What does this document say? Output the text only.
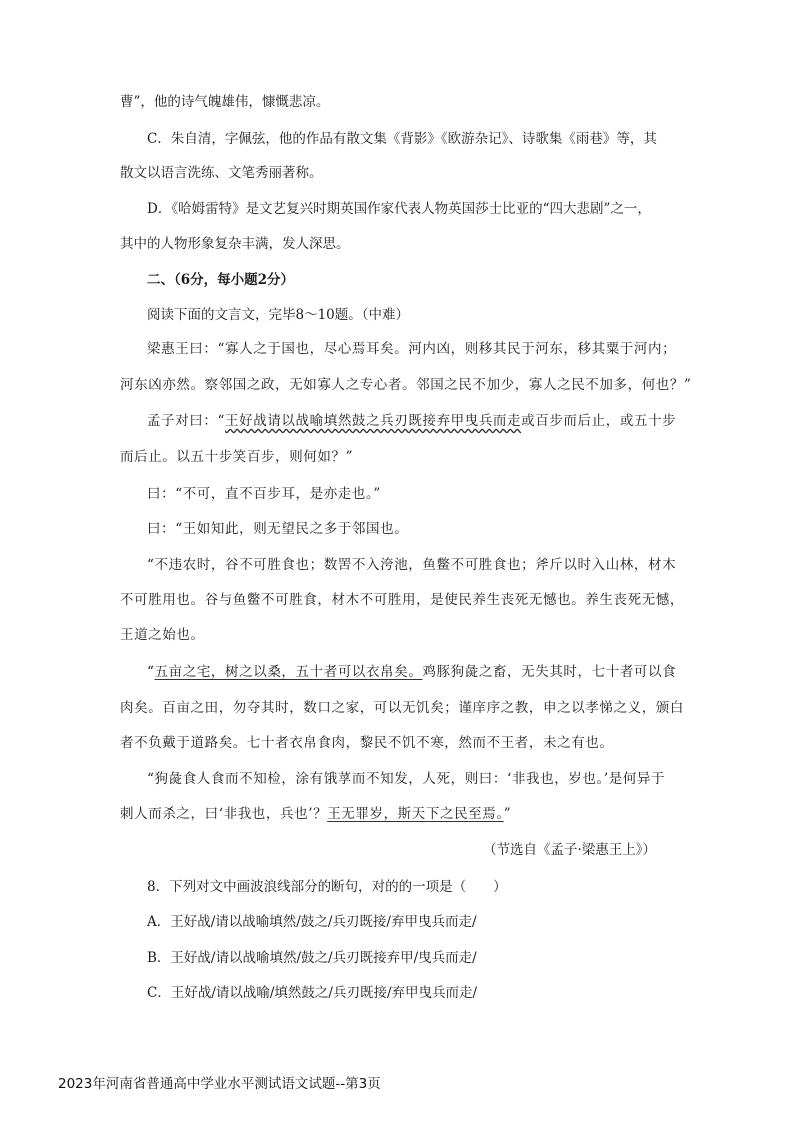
曹”，他的诗气魄雄伟，慷慨悲凉。
C．朱自清，字佩弦，他的作品有散文集《背影》《欧游杂记》、诗歌集《雨巷》等，其
散文以语言洗练、文笔秀丽著称。
D．《哈姆雷特》是文艺复兴时期英国作家代表人物英国莎士比亚的“四大悲剧”之一，
其中的人物形象复杂丰满，发人深思。
二、（6分，每小题2分）
阅读下面的文言文，完毕8～10题。（中难）
梁惠王曰：“寡人之于国也，尽心焉耳矣。河内凶，则移其民于河东，移其粟于河内；
河东凶亦然。察邻国之政，无如寡人之专心者。邻国之民不加少，寡人之民不加多，何也？”
孟子对曰：“王好战请以战喻填然鼓之兵刃既接弃甲曳兵而走或百步而后止，或五十步
而后止。以五十步笑百步，则何如？”
曰：“不可，直不百步耳，是亦走也。”
曰：“王如知此，则无望民之多于邻国也。
“不违农时，谷不可胜食也；数罟不入洿池，鱼鳖不可胜食也；斧斤以时入山林，材木
不可胜用也。谷与鱼鳖不可胜食，材木不可胜用，是使民养生丧死无憾也。养生丧死无憾，
王道之始也。
“五亩之宅，树之以桑，五十者可以衣帛矣。鸡豚狗彘之畜，无失其时，七十者可以食
肉矣。百亩之田，勿夺其时，数口之家，可以无饥矣；谨庠序之教，申之以孝悌之义，颁白
者不负戴于道路矣。七十者衣帛食肉，黎民不饥不寒，然而不王者，未之有也。
“狗彘食人食而不知检，涂有饿莩而不知发，人死，则曰：‘非我也，岁也。’是何异于
刺人而杀之，曰‘非我也，兵也’？王无罪岁，斯天下之民至焉。”
（节选自《孟子·梁惠王上》）
8．下列对文中画波浪线部分的断句，对的的一项是（　　）
A．王好战/请以战喻填然/鼓之/兵刃既接/弃甲曳兵而走/
B．王好战/请以战喻填然/鼓之/兵刃既接弃甲/曳兵而走/
C．王好战/请以战喻/填然鼓之/兵刃既接/弃甲曳兵而走/
2023年河南省普通高中学业水平测试语文试题--第3页
